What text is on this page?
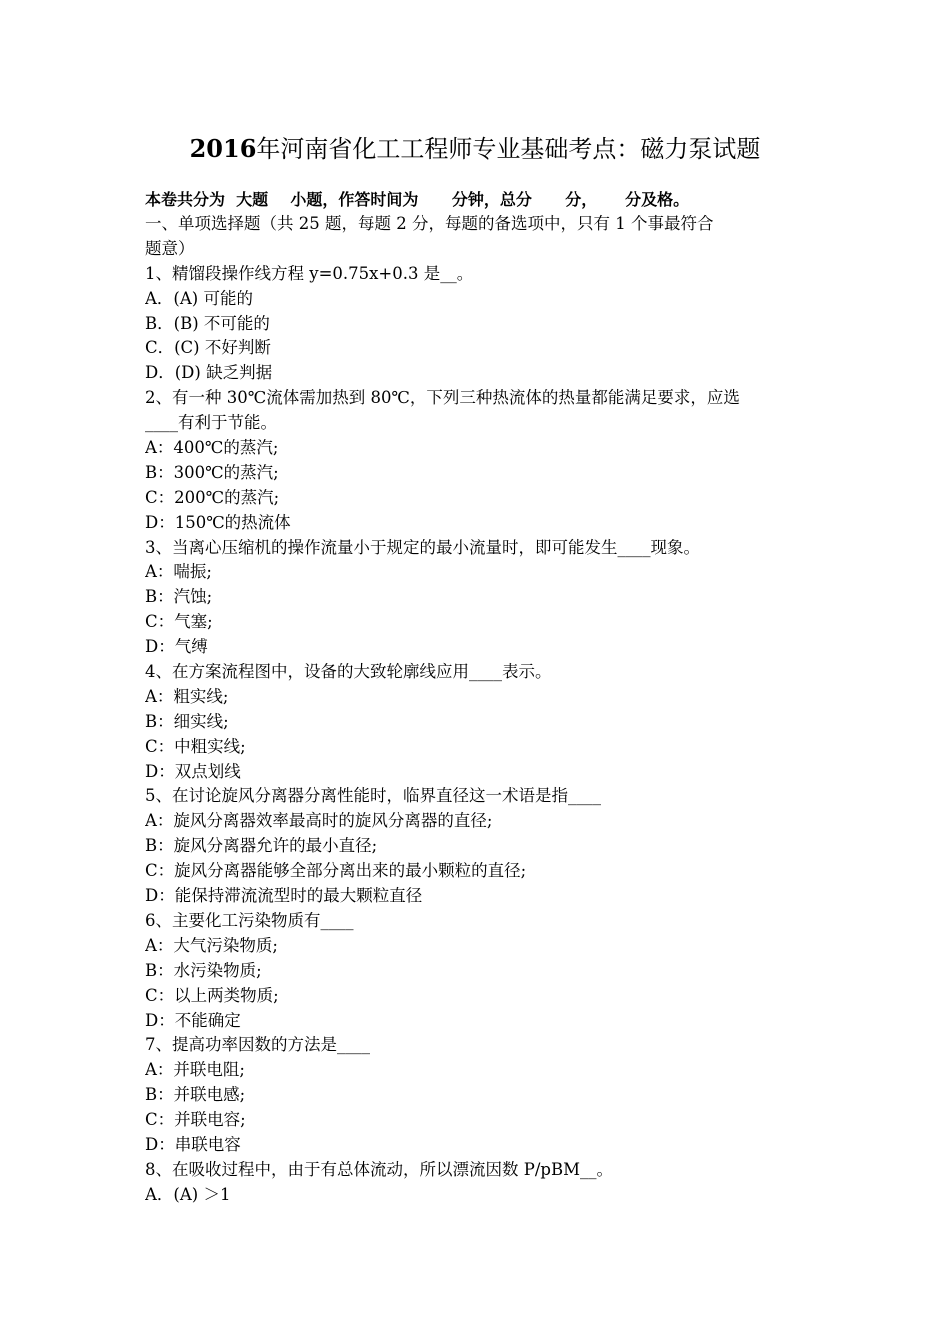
2016年河南省化工工程师专业基础考点：磁力泵试题
本卷共分为  大题    小题，作答时间为      分钟，总分      分，     分及格。
一、单项选择题（共 25 题，每题 2 分，每题的备选项中，只有 1 个事最符合
题意）
1、精馏段操作线方程 y=0.75x+0.3 是__。
A．(A) 可能的
B．(B) 不可能的
C．(C) 不好判断
D．(D) 缺乏判据
2、有一种 30℃流体需加热到 80℃，下列三种热流体的热量都能满足要求，应选
____有利于节能。
A：400℃的蒸汽;
B：300℃的蒸汽;
C：200℃的蒸汽;
D：150℃的热流体
3、当离心压缩机的操作流量小于规定的最小流量时，即可能发生____现象。
A：喘振;
B：汽蚀;
C：气塞;
D：气缚
4、在方案流程图中，设备的大致轮廓线应用____表示。
A：粗实线;
B：细实线;
C：中粗实线;
D：双点划线
5、在讨论旋风分离器分离性能时，临界直径这一术语是指____
A：旋风分离器效率最高时的旋风分离器的直径;
B：旋风分离器允许的最小直径;
C：旋风分离器能够全部分离出来的最小颗粒的直径;
D：能保持滞流流型时的最大颗粒直径
6、主要化工污染物质有____
A：大气污染物质;
B：水污染物质;
C：以上两类物质;
D：不能确定
7、提高功率因数的方法是____
A：并联电阻;
B：并联电感;
C：并联电容;
D：串联电容
8、在吸收过程中，由于有总体流动，所以漂流因数 P/pBM__。
A．(A) ＞1
